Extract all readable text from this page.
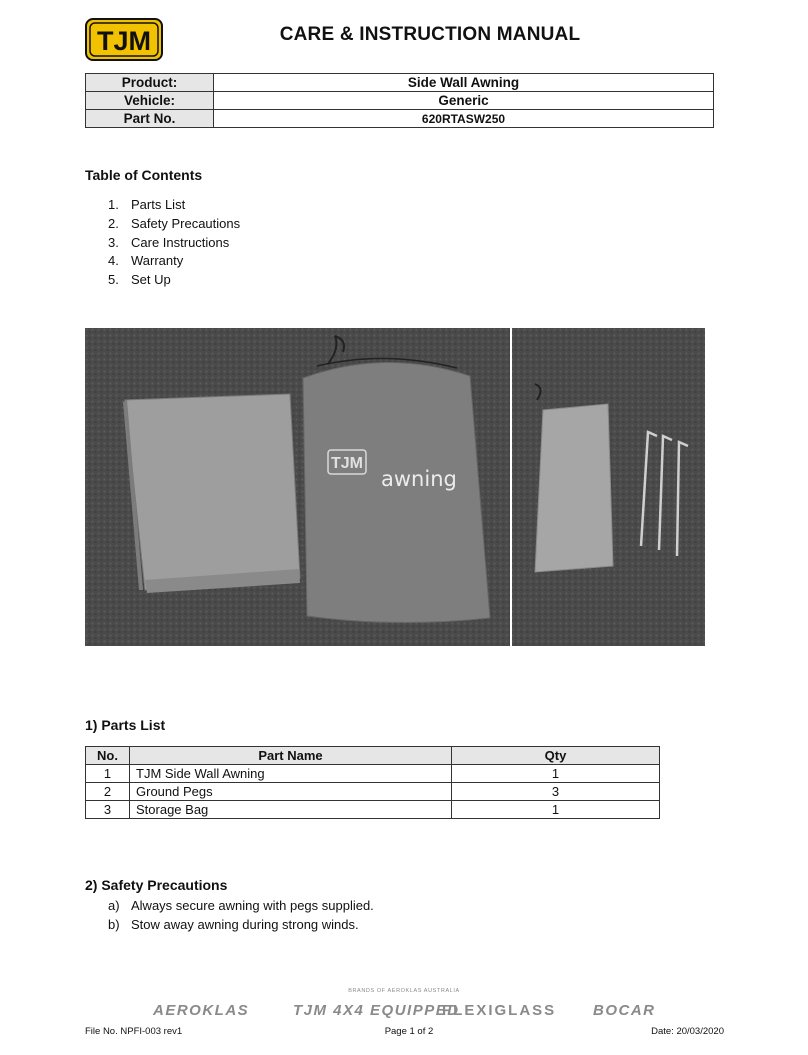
TJM	CARE & INSTRUCTION MANUAL
Product:	Side Wall Awning
Vehicle:	Generic
Part No.	620RTASW250
Table of Contents
1. Parts List
2. Safety Precautions
3. Care Instructions
4. Warranty
5. Set Up
TJM
awning
1) Parts List
No.	Part Name	Qty
1	TJM Side Wall Awning	1
2	Ground Pegs	3
3	Storage Bag	1
2) Safety Precautions
a) Always secure awning with pegs supplied.
b) Stow away awning during strong winds.
BRANDS OF AEROKLAS AUSTRALIA
AEROKLAS	TJM 4X4 EQUIPPED
FLEXIGLASS BOCAR
File No. NPFI-003 rev1	Page 1 of 2	Date: 20/03/2020
